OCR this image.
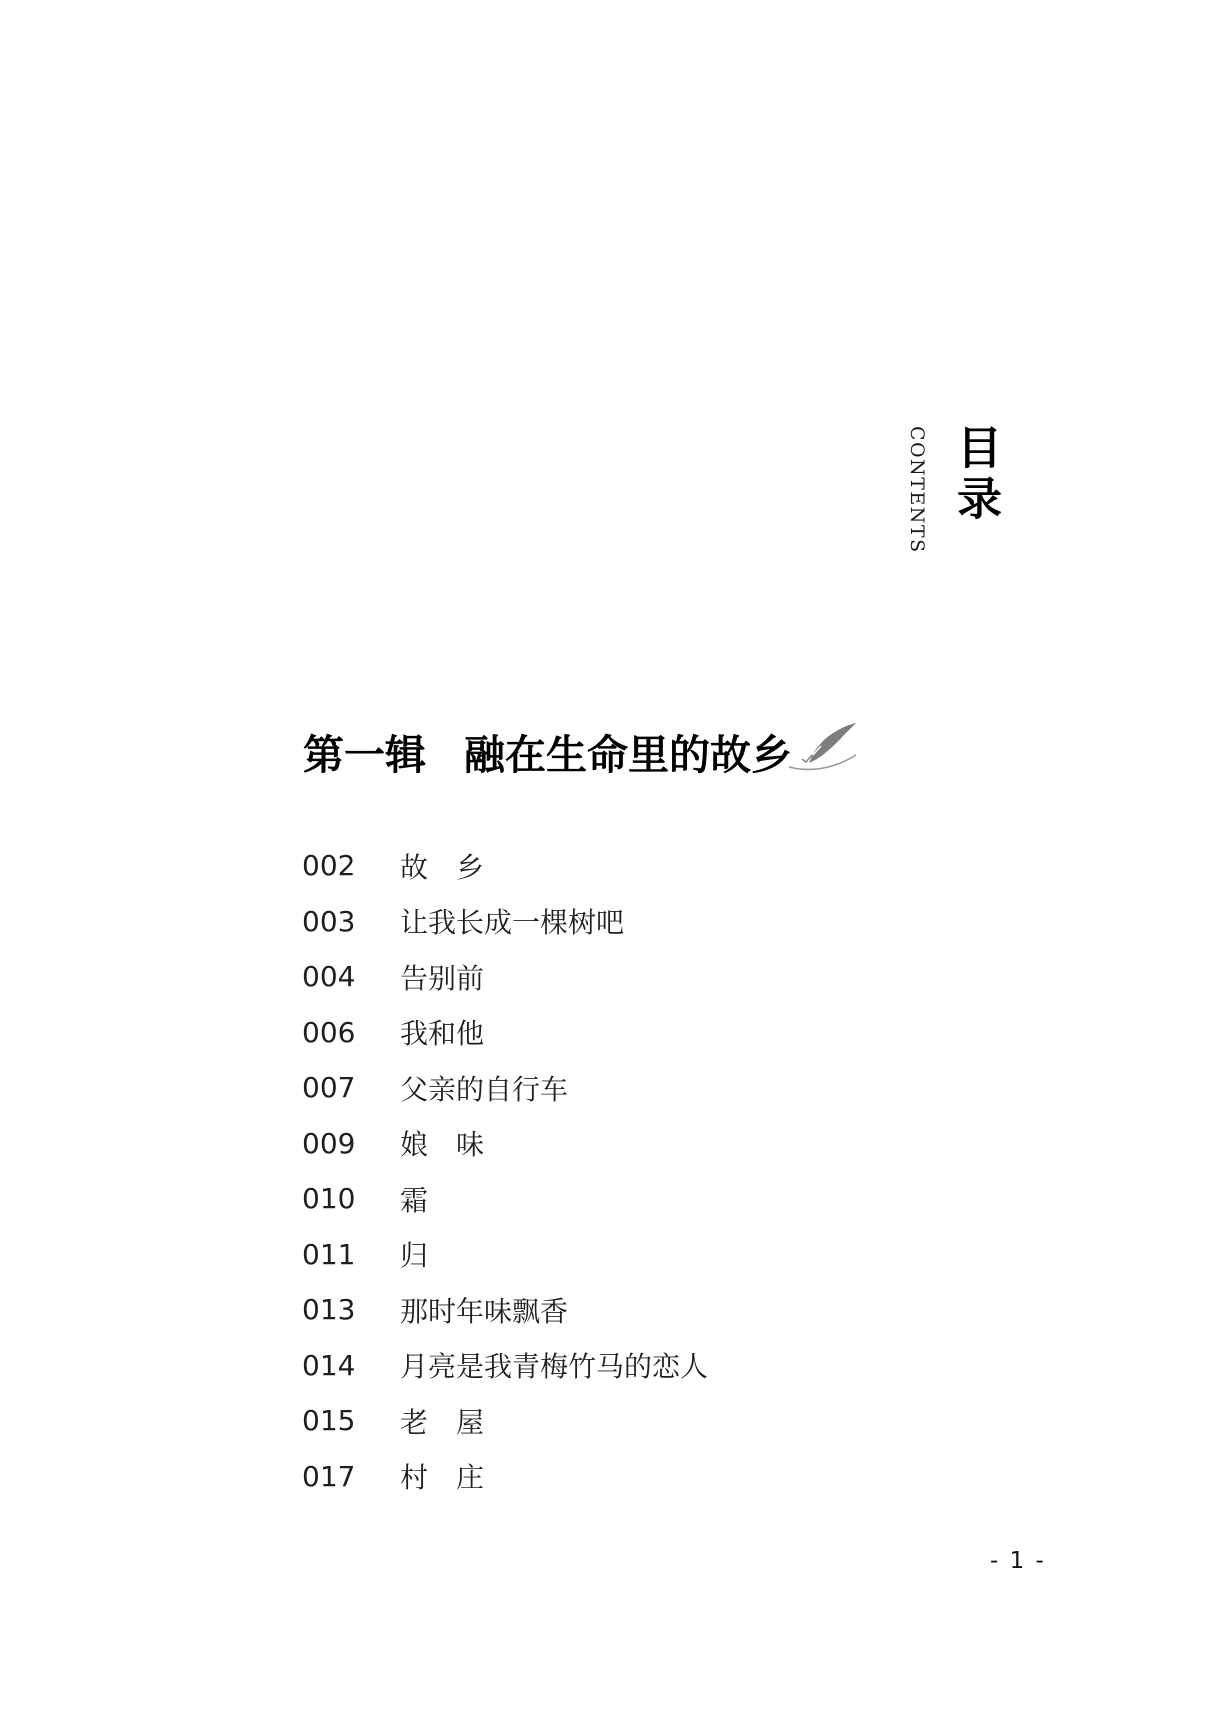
CONTENTS 目录
第一辑 融在生命里的故乡
002	故　乡
003	让我长成一棵树吧
004	告别前
006	我和他
007	父亲的自行车
009	娘　味
010	霜
011	归
013	那时年味飘香
014	月亮是我青梅竹马的恋人
015	老　屋
017	村　庄
- 1 -
